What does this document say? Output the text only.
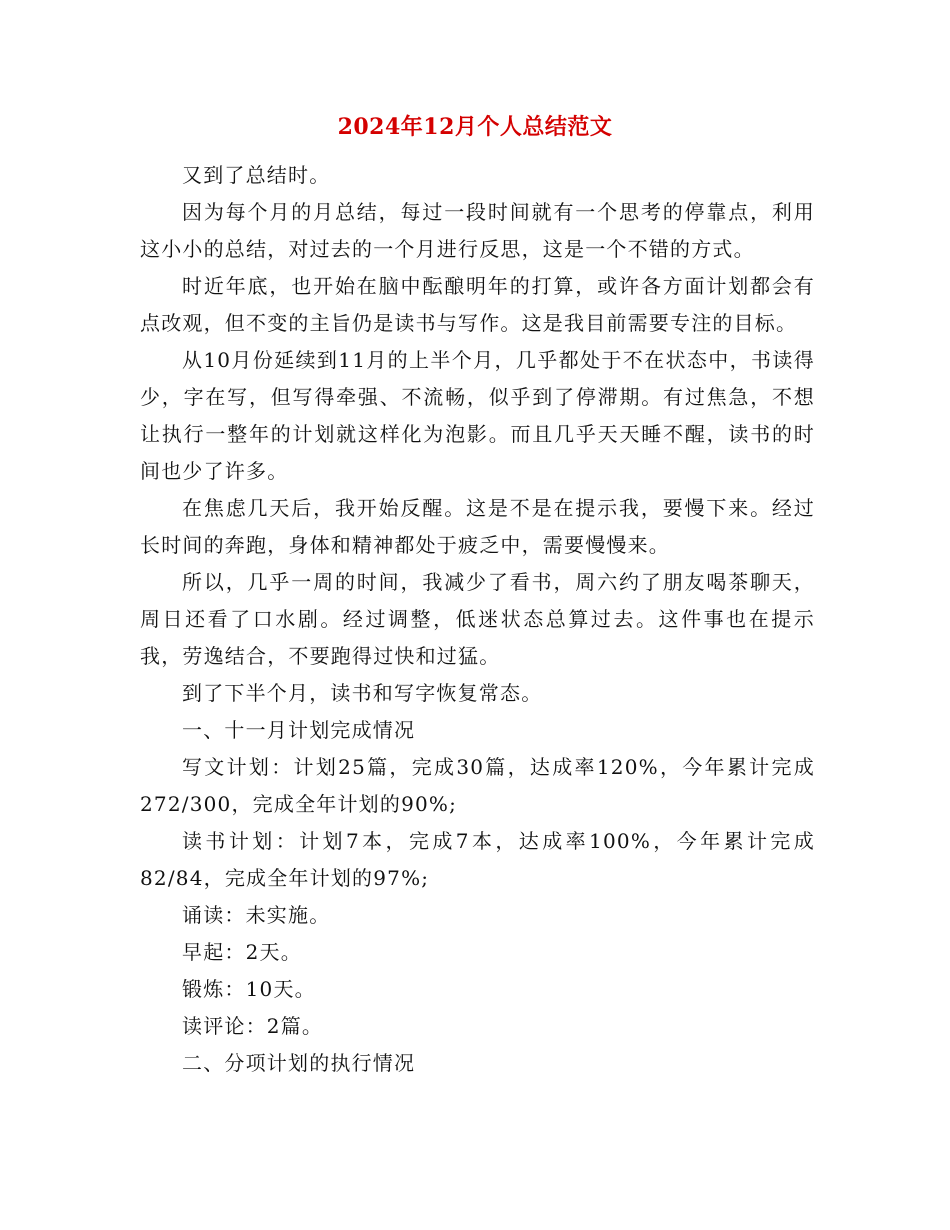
2024年12月个人总结范文

又到了总结时。

因为每个月的月总结，每过一段时间就有一个思考的停靠点，利用这小小的总结，对过去的一个月进行反思，这是一个不错的方式。

时近年底，也开始在脑中酝酿明年的打算，或许各方面计划都会有点改观，但不变的主旨仍是读书与写作。这是我目前需要专注的目标。

从10月份延续到11月的上半个月，几乎都处于不在状态中，书读得少，字在写，但写得牵强、不流畅，似乎到了停滞期。有过焦急，不想让执行一整年的计划就这样化为泡影。而且几乎天天睡不醒，读书的时间也少了许多。

在焦虑几天后，我开始反醒。这是不是在提示我，要慢下来。经过长时间的奔跑，身体和精神都处于疲乏中，需要慢慢来。

所以，几乎一周的时间，我减少了看书，周六约了朋友喝茶聊天，周日还看了口水剧。经过调整，低迷状态总算过去。这件事也在提示我，劳逸结合，不要跑得过快和过猛。

到了下半个月，读书和写字恢复常态。

一、十一月计划完成情况

写文计划：计划25篇，完成30篇，达成率120%，今年累计完成272/300，完成全年计划的90%;

读书计划：计划7本，完成7本，达成率100%，今年累计完成82/84，完成全年计划的97%;

诵读：未实施。

早起：2天。

锻炼：10天。

读评论：2篇。

二、分项计划的执行情况
